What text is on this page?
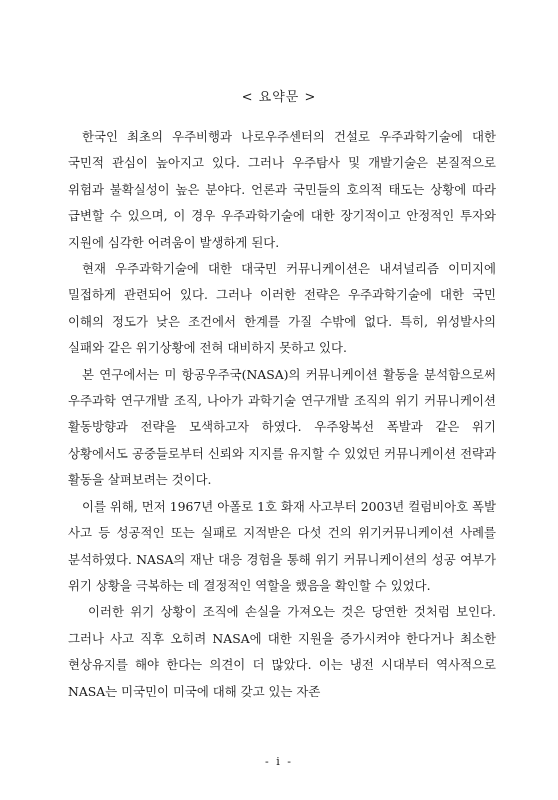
< 요약문 >

한국인 최초의 우주비행과 나로우주센터의 건설로 우주과학기술에 대한 국민적 관심이 높아지고 있다. 그러나 우주탐사 및 개발기술은 본질적으로 위험과 불확실성이 높은 분야다. 언론과 국민들의 호의적 태도는 상황에 따라 급변할 수 있으며, 이 경우 우주과학기술에 대한 장기적이고 안정적인 투자와 지원에 심각한 어려움이 발생하게 된다.

현재 우주과학기술에 대한 대국민 커뮤니케이션은 내셔널리즘 이미지에 밀접하게 관련되어 있다. 그러나 이러한 전략은 우주과학기술에 대한 국민 이해의 정도가 낮은 조건에서 한계를 가질 수밖에 없다. 특히, 위성발사의 실패와 같은 위기상황에 전혀 대비하지 못하고 있다.

본 연구에서는 미 항공우주국(NASA)의 커뮤니케이션 활동을 분석함으로써 우주과학 연구개발 조직, 나아가 과학기술 연구개발 조직의 위기 커뮤니케이션 활동방향과 전략을 모색하고자 하였다. 우주왕복선 폭발과 같은 위기 상황에서도 공중들로부터 신뢰와 지지를 유지할 수 있었던 커뮤니케이션 전략과 활동을 살펴보려는 것이다.

이를 위해, 먼저 1967년 아폴로 1호 화재 사고부터 2003년 컬럼비아호 폭발 사고 등 성공적인 또는 실패로 지적받은 다섯 건의 위기커뮤니케이션 사례를 분석하였다. NASA의 재난 대응 경험을 통해 위기 커뮤니케이션의 성공 여부가 위기 상황을 극복하는 데 결정적인 역할을 했음을 확인할 수 있었다.

이러한 위기 상황이 조직에 손실을 가져오는 것은 당연한 것처럼 보인다. 그러나 사고 직후 오히려 NASA에 대한 지원을 증가시켜야 한다거나 최소한 현상유지를 해야 한다는 의견이 더 많았다. 이는 냉전 시대부터 역사적으로 NASA는 미국민이 미국에 대해 갖고 있는 자존

- i -
